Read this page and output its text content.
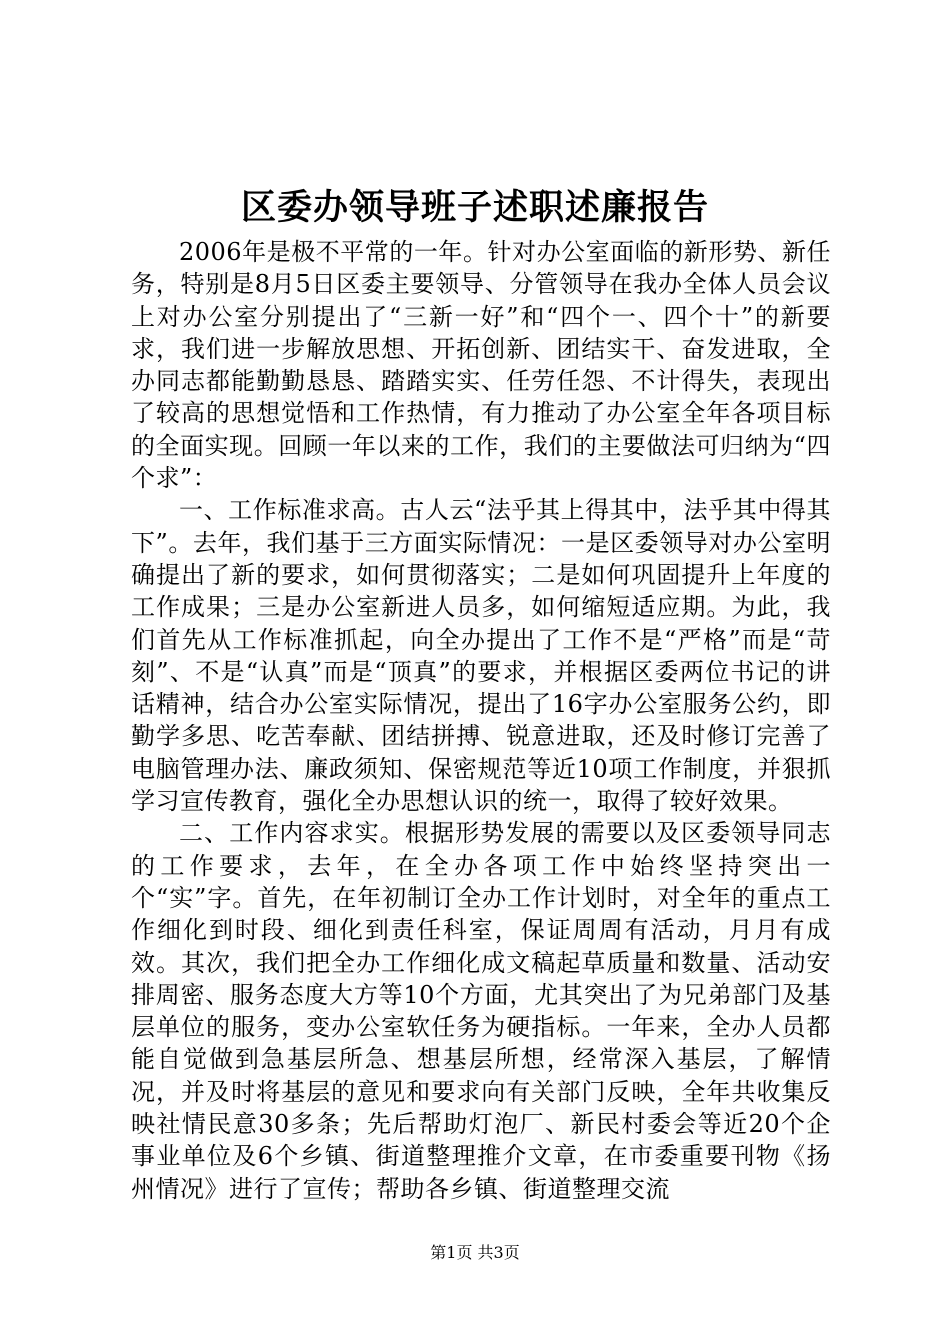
区委办领导班子述职述廉报告

2006年是极不平常的一年。针对办公室面临的新形势、新任务，特别是8月5日区委主要领导、分管领导在我办全体人员会议上对办公室分别提出了“三新一好”和“四个一、四个十”的新要求，我们进一步解放思想、开拓创新、团结实干、奋发进取，全办同志都能勤勤恳恳、踏踏实实、任劳任怨、不计得失，表现出了较高的思想觉悟和工作热情，有力推动了办公室全年各项目标的全面实现。回顾一年以来的工作，我们的主要做法可归纳为“四个求”：

一、工作标准求高。古人云“法乎其上得其中，法乎其中得其下”。去年，我们基于三方面实际情况：一是区委领导对办公室明确提出了新的要求，如何贯彻落实；二是如何巩固提升上年度的工作成果；三是办公室新进人员多，如何缩短适应期。为此，我们首先从工作标准抓起，向全办提出了工作不是“严格”而是“苛刻”、不是“认真”而是“顶真”的要求，并根据区委两位书记的讲话精神，结合办公室实际情况，提出了16字办公室服务公约，即勤学多思、吃苦奉献、团结拼搏、锐意进取，还及时修订完善了电脑管理办法、廉政须知、保密规范等近10项工作制度，并狠抓学习宣传教育，强化全办思想认识的统一，取得了较好效果。

二、工作内容求实。根据形势发展的需要以及区委领导同志的工作要求，去年，在全办各项工作中始终坚持突出一个“实”字。首先，在年初制订全办工作计划时，对全年的重点工作细化到时段、细化到责任科室，保证周周有活动，月月有成效。其次，我们把全办工作细化成文稿起草质量和数量、活动安排周密、服务态度大方等10个方面，尤其突出了为兄弟部门及基层单位的服务，变办公室软任务为硬指标。一年来，全办人员都能自觉做到急基层所急、想基层所想，经常深入基层，了解情况，并及时将基层的意见和要求向有关部门反映，全年共收集反映社情民意30多条；先后帮助灯泡厂、新民村委会等近20个企事业单位及6个乡镇、街道整理推介文章，在市委重要刊物《扬州情况》进行了宣传；帮助各乡镇、街道整理交流

第1页 共3页
